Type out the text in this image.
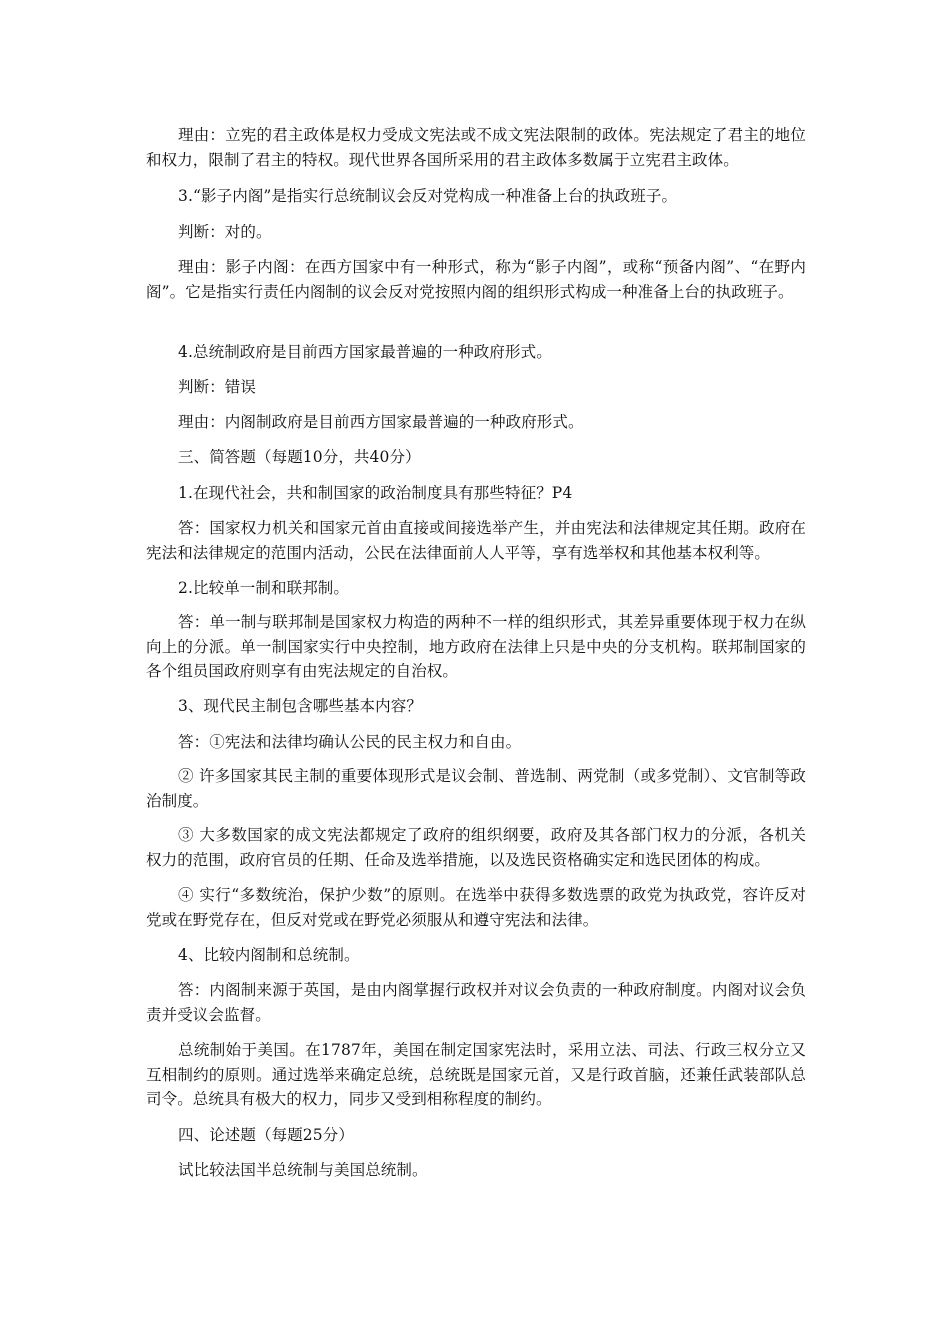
理由：立宪的君主政体是权力受成文宪法或不成文宪法限制的政体。宪法规定了君主的地位和权力，限制了君主的特权。现代世界各国所采用的君主政体多数属于立宪君主政体。

3.“影子内阁”是指实行总统制议会反对党构成一种准备上台的执政班子。

判断：对的。

理由：影子内阁：在西方国家中有一种形式，称为“影子内阁”，或称“预备内阁”、“在野内阁”。它是指实行责任内阁制的议会反对党按照内阁的组织形式构成一种准备上台的执政班子。

4.总统制政府是目前西方国家最普遍的一种政府形式。

判断：错误

理由：内阁制政府是目前西方国家最普遍的一种政府形式。

三、简答题（每题10分，共40分）

1.在现代社会，共和制国家的政治制度具有那些特征？P4

答：国家权力机关和国家元首由直接或间接选举产生，并由宪法和法律规定其任期。政府在宪法和法律规定的范围内活动，公民在法律面前人人平等，享有选举权和其他基本权利等。

2.比较单一制和联邦制。

答：单一制与联邦制是国家权力构造的两种不一样的组织形式，其差异重要体现于权力在纵向上的分派。单一制国家实行中央控制，地方政府在法律上只是中央的分支机构。联邦制国家的各个组员国政府则享有由宪法规定的自治权。

3、现代民主制包含哪些基本内容？

答：①宪法和法律均确认公民的民主权力和自由。

② 许多国家其民主制的重要体现形式是议会制、普选制、两党制（或多党制）、文官制等政治制度。

③ 大多数国家的成文宪法都规定了政府的组织纲要，政府及其各部门权力的分派，各机关权力的范围，政府官员的任期、任命及选举措施，以及选民资格确实定和选民团体的构成。

④ 实行“多数统治，保护少数”的原则。在选举中获得多数选票的政党为执政党，容许反对党或在野党存在，但反对党或在野党必须服从和遵守宪法和法律。

4、比较内阁制和总统制。

答：内阁制来源于英国，是由内阁掌握行政权并对议会负责的一种政府制度。内阁对议会负责并受议会监督。

总统制始于美国。在1787年，美国在制定国家宪法时，采用立法、司法、行政三权分立又互相制约的原则。通过选举来确定总统，总统既是国家元首，又是行政首脑，还兼任武装部队总司令。总统具有极大的权力，同步又受到相称程度的制约。

四、论述题（每题25分）

试比较法国半总统制与美国总统制。
